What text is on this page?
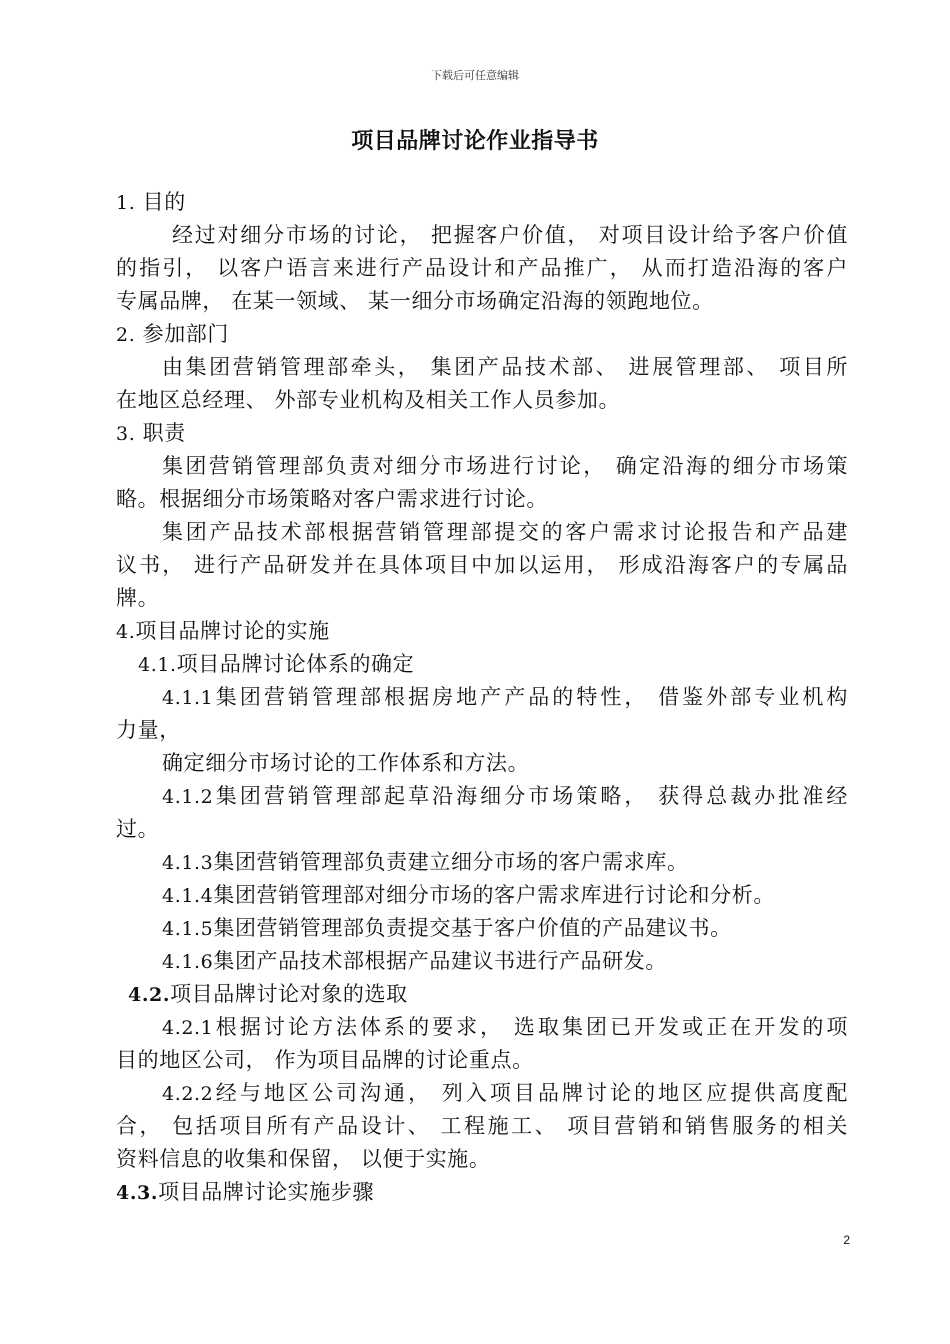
下载后可任意编辑
项目品牌讨论作业指导书
1. 目的
经过对细分市场的讨论， 把握客户价值， 对项目设计给予客户价值
的指引， 以客户语言来进行产品设计和产品推广， 从而打造沿海的客户
专属品牌， 在某一领域、 某一细分市场确定沿海的领跑地位。
2. 参加部门
由集团营销管理部牵头， 集团产品技术部、 进展管理部、 项目所
在地区总经理、 外部专业机构及相关工作人员参加。
3. 职责
集团营销管理部负责对细分市场进行讨论， 确定沿海的细分市场策
略。根据细分市场策略对客户需求进行讨论。
集团产品技术部根据营销管理部提交的客户需求讨论报告和产品建
议书， 进行产品研发并在具体项目中加以运用， 形成沿海客户的专属品
牌。
4.项目品牌讨论的实施
4.1.项目品牌讨论体系的确定
4.1.1集团营销管理部根据房地产产品的特性， 借鉴外部专业机构
力量，
确定细分市场讨论的工作体系和方法。
4.1.2集团营销管理部起草沿海细分市场策略， 获得总裁办批准经
过。
4.1.3集团营销管理部负责建立细分市场的客户需求库。
4.1.4集团营销管理部对细分市场的客户需求库进行讨论和分析。
4.1.5集团营销管理部负责提交基于客户价值的产品建议书。
4.1.6集团产品技术部根据产品建议书进行产品研发。
4.2.项目品牌讨论对象的选取
4.2.1根据讨论方法体系的要求， 选取集团已开发或正在开发的项
目的地区公司， 作为项目品牌的讨论重点。
4.2.2经与地区公司沟通， 列入项目品牌讨论的地区应提供高度配
合， 包括项目所有产品设计、 工程施工、 项目营销和销售服务的相关
资料信息的收集和保留， 以便于实施。
4.3.项目品牌讨论实施步骤
2
